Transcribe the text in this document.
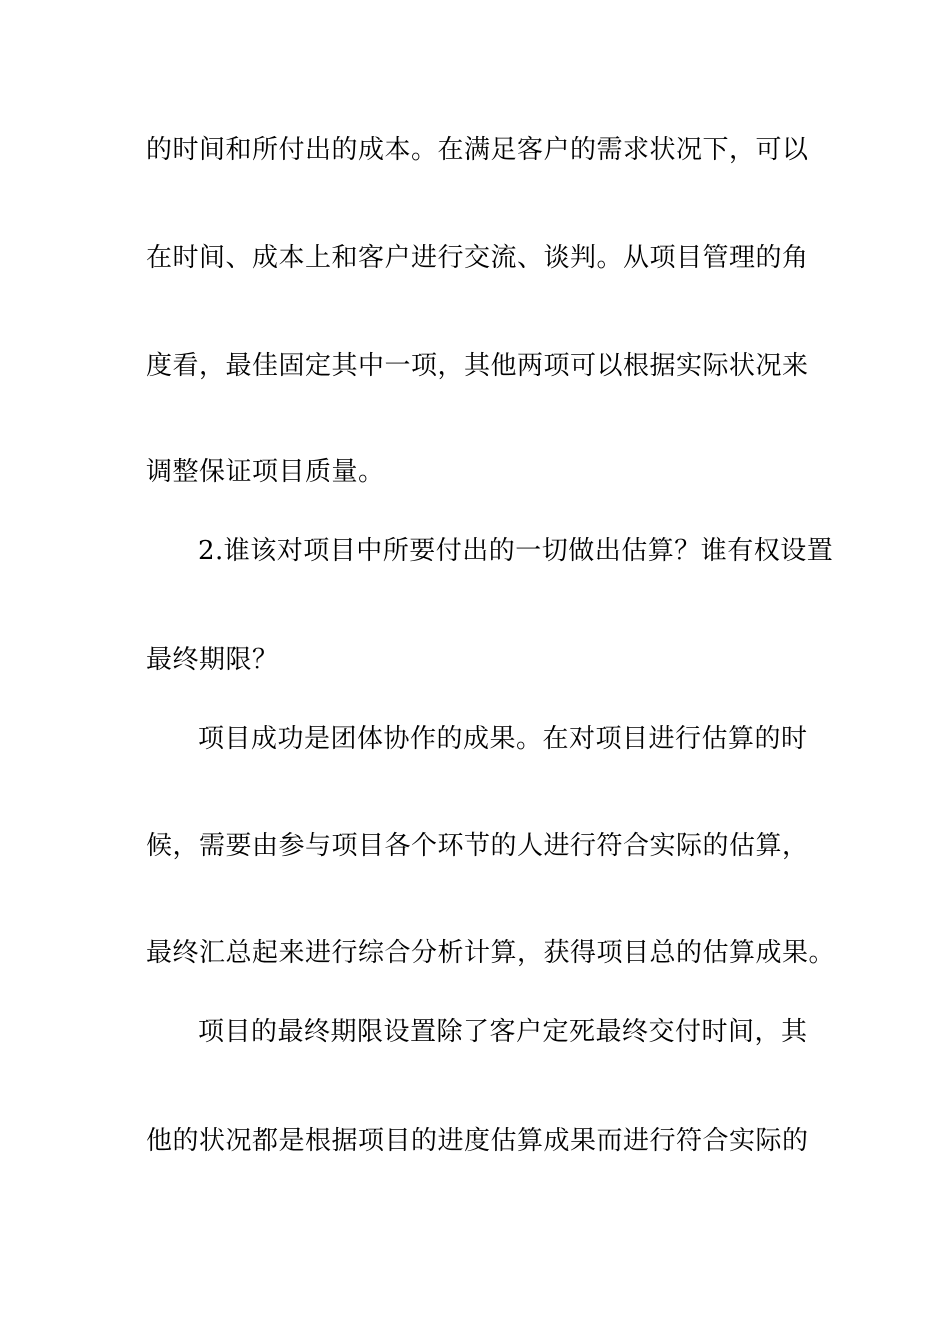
的时间和所付出的成本。在满足客户的需求状况下，可以
在时间、成本上和客户进行交流、谈判。从项目管理的角
度看，最佳固定其中一项，其他两项可以根据实际状况来
调整保证项目质量。
2.谁该对项目中所要付出的一切做出估算？谁有权设置
最终期限？
项目成功是团体协作的成果。在对项目进行估算的时
候，需要由参与项目各个环节的人进行符合实际的估算，
最终汇总起来进行综合分析计算，获得项目总的估算成果。
项目的最终期限设置除了客户定死最终交付时间，其
他的状况都是根据项目的进度估算成果而进行符合实际的
